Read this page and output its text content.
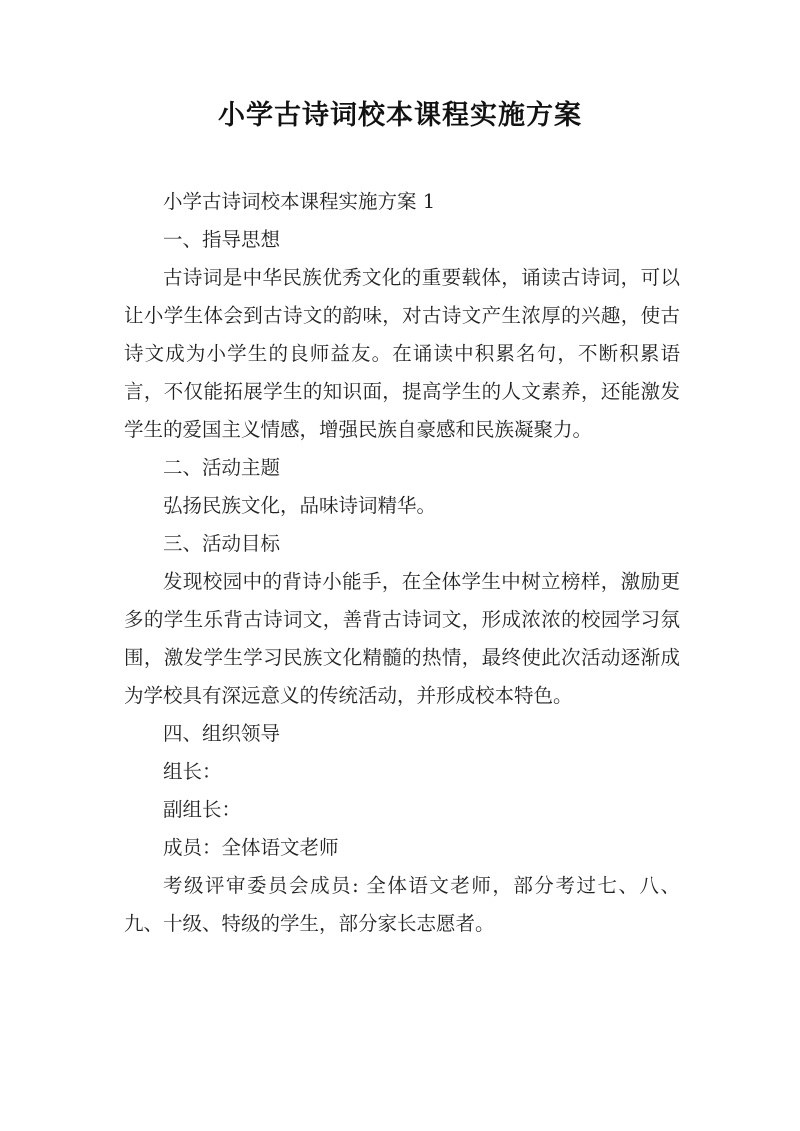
小学古诗词校本课程实施方案

小学古诗词校本课程实施方案 1

一、指导思想

古诗词是中华民族优秀文化的重要载体，诵读古诗词，可以让小学生体会到古诗文的韵味，对古诗文产生浓厚的兴趣，使古诗文成为小学生的良师益友。在诵读中积累名句，不断积累语言，不仅能拓展学生的知识面，提高学生的人文素养，还能激发学生的爱国主义情感，增强民族自豪感和民族凝聚力。

二、活动主题

弘扬民族文化，品味诗词精华。

三、活动目标

发现校园中的背诗小能手，在全体学生中树立榜样，激励更多的学生乐背古诗词文，善背古诗词文，形成浓浓的校园学习氛围，激发学生学习民族文化精髓的热情，最终使此次活动逐渐成为学校具有深远意义的传统活动，并形成校本特色。

四、组织领导

组长：

副组长：

成员：全体语文老师

考级评审委员会成员: 全体语文老师，部分考过七、八、九、十级、特级的学生，部分家长志愿者。
